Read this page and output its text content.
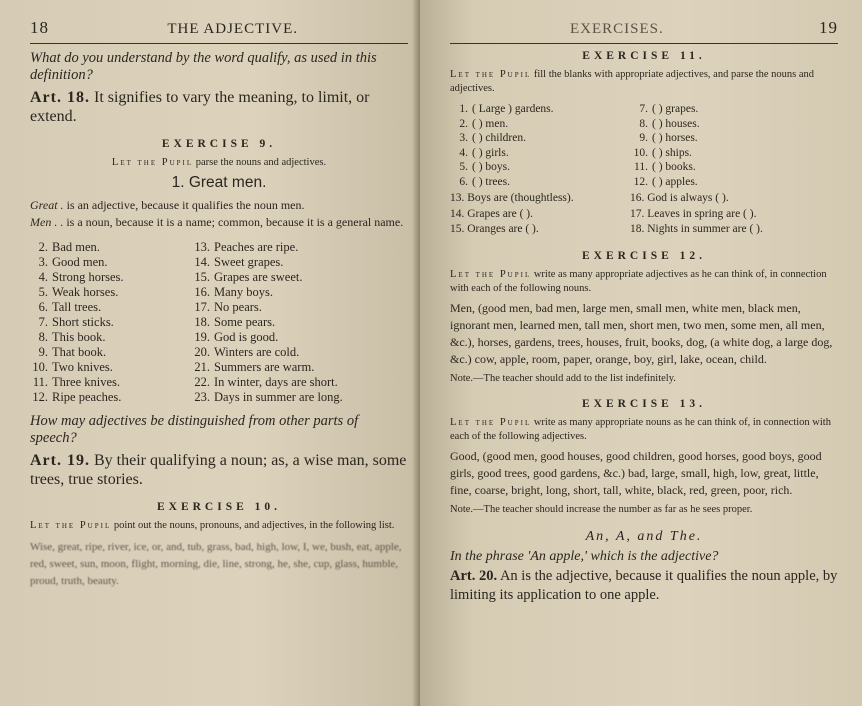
18	THE ADJECTIVE.

What do you understand by the word qualify, as used in this definition?

Art. 18. It signifies to vary the meaning, to limit, or extend.

EXERCISE 9.

Let the Pupil parse the nouns and adjectives.

1. Great men.

Great . is an adjective, because it qualifies the noun men.

Men . . is a noun, because it is a name; common, because it is a general name.

2. Bad men.
3. Good men.
4. Strong horses.
5. Weak horses.
6. Tall trees.
7. Short sticks.
8. This book.
9. That book.
10. Two knives.
11. Three knives.
12. Ripe peaches.
13. Peaches are ripe.
14. Sweet grapes.
15. Grapes are sweet.
16. Many boys.
17. No pears.
18. Some pears.
19. God is good.
20. Winters are cold.
21. Summers are warm.
22. In winter, days are short.
23. Days in summer are long.

How may adjectives be distinguished from other parts of speech?

Art. 19. By their qualifying a noun; as, a wise man, some trees, true stories.

EXERCISE 10.

Let the Pupil point out the nouns, pronouns, and adjectives, in the following list.

Wise, great, ripe, river, ice, or, and, tub, grass, bad, high, low, I, we, bush, eat, apple, red, sweet, sun, moon, flight, morning, die, line, strong, he, she, cup, glass, humble, proud, truth, beauty.

EXERCISES.	19
EXERCISE 11.

Let the Pupil fill the blanks with appropriate adjectives, and parse the nouns and adjectives.

1. ( Large ) gardens.
2. ( ) men.
3. ( ) children.
4. ( ) girls.
5. ( ) boys.
6. ( ) trees.
7. ( ) grapes.
8. ( ) houses.
9. ( ) horses.
10. ( ) ships.
11. ( ) books.
12. ( ) apples.
13. Boys are (thoughtless).	16. God is always ( ).
14. Grapes are ( ).	17. Leaves in spring are ( ).
15. Oranges are ( ).	18. Nights in summer are ( ).
EXERCISE 12.

Let the Pupil write as many appropriate adjectives as he can think of, in connection with each of the following nouns.

Men, (good men, bad men, large men, small men, white men, black men, ignorant men, learned men, tall men, short men, two men, some men, all men, &c.), horses, gardens, trees, houses, fruit, books, dog, (a white dog, a large dog, &c.) cow, apple, room, paper, orange, boy, girl, lake, ocean, child.

Note.—The teacher should add to the list indefinitely.

EXERCISE 13.

Let the Pupil write as many appropriate nouns as he can think of, in connection with each of the following adjectives.

Good, (good men, good houses, good children, good horses, good boys, good girls, good trees, good gardens, &c.) bad, large, small, high, low, great, little, fine, coarse, bright, long, short, tall, white, black, red, green, poor, rich.

Note.—The teacher should increase the number as far as he sees proper.

An, A, and The.

In the phrase 'An apple,' which is the adjective?

Art. 20. An is the adjective, because it qualifies the noun apple, by limiting its application to one apple.
